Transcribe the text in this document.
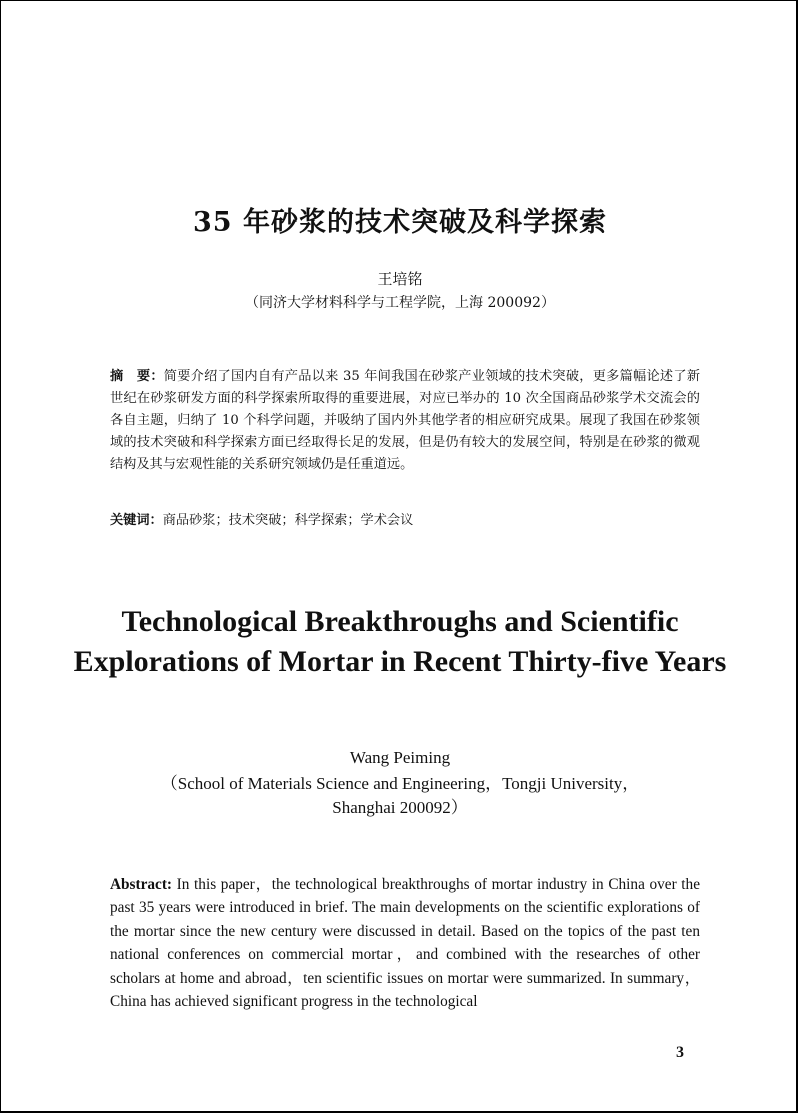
35 年砂浆的技术突破及科学探索
王培铭
（同济大学材料科学与工程学院，上海 200092）
摘　要：简要介绍了国内自有产品以来 35 年间我国在砂浆产业领域的技术突破，更多篇幅论述了新世纪在砂浆研发方面的科学探索所取得的重要进展，对应已举办的 10 次全国商品砂浆学术交流会的各自主题，归纳了 10 个科学问题，并吸纳了国内外其他学者的相应研究成果。展现了我国在砂浆领域的技术突破和科学探索方面已经取得长足的发展，但是仍有较大的发展空间，特别是在砂浆的微观结构及其与宏观性能的关系研究领域仍是任重道远。
关键词：商品砂浆；技术突破；科学探索；学术会议
Technological Breakthroughs and Scientific Explorations of Mortar in Recent Thirty-five Years
Wang Peiming
（School of Materials Science and Engineering，Tongji University，Shanghai 200092）
Abstract: In this paper，the technological breakthroughs of mortar industry in China over the past 35 years were introduced in brief. The main developments on the scientific explorations of the mortar since the new century were discussed in detail. Based on the topics of the past ten national conferences on commercial mortar，and combined with the researches of other scholars at home and abroad，ten scientific issues on mortar were summarized. In summary，China has achieved significant progress in the technological
3
